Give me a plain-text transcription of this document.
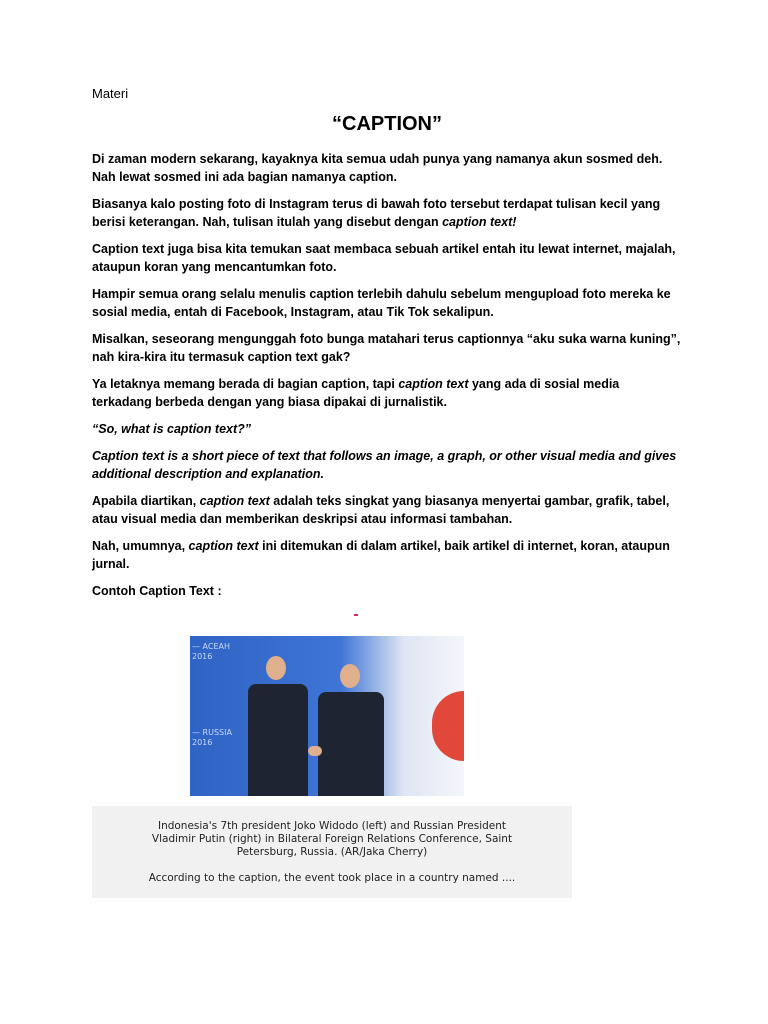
Materi

“CAPTION”

Di zaman modern sekarang, kayaknya kita semua udah punya yang namanya akun sosmed deh. Nah lewat sosmed ini ada bagian namanya caption.

Biasanya kalo posting foto di Instagram terus di bawah foto tersebut terdapat tulisan kecil yang berisi keterangan. Nah, tulisan itulah yang disebut dengan caption text!

Caption text juga bisa kita temukan saat membaca sebuah artikel entah itu lewat internet, majalah, ataupun koran yang mencantumkan foto.

Hampir semua orang selalu menulis caption terlebih dahulu sebelum mengupload foto mereka ke sosial media, entah di Facebook, Instagram, atau Tik Tok sekalipun.

Misalkan, seseorang mengunggah foto bunga matahari terus captionnya “aku suka warna kuning”, nah kira-kira itu termasuk caption text gak?

Ya letaknya memang berada di bagian caption, tapi caption text yang ada di sosial media terkadang berbeda dengan yang biasa dipakai di jurnalistik.

“So, what is caption text?”

Caption text is a short piece of text that follows an image, a graph, or other visual media and gives additional description and explanation.

Apabila diartikan, caption text adalah teks singkat yang biasanya menyertai gambar, grafik, tabel, atau visual media dan memberikan deskripsi atau informasi tambahan.

Nah, umumnya, caption text ini ditemukan di dalam artikel, baik artikel di internet, koran, ataupun jurnal.

Contoh Caption Text :

— ACEAH
2016
— RUSSIA
2016
Indonesia's 7th president Joko Widodo (left) and Russian President
Vladimir Putin (right) in Bilateral Foreign Relations Conference, Saint
Petersburg, Russia. (AR/Jaka Cherry)
According to the caption, the event took place in a country named ....
